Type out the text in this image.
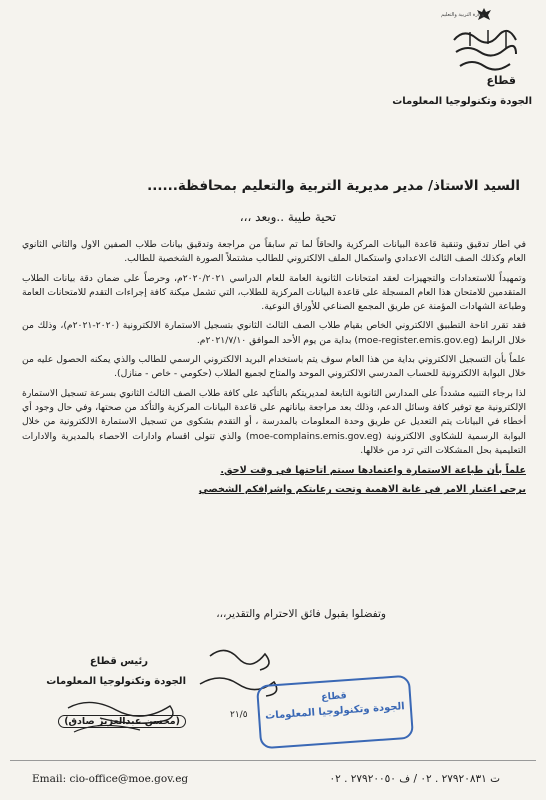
وزارة التربية والتعليم
قطاع
الجودة وتكنولوجيا المعلومات
السيد الاستاذ/ مدير مديرية التربية والتعليم بمحافظة......
تحية طيبة ..وبعد ،،،

في اطار تدقيق وتنقية قاعدة البيانات المركزية والحاقاً لما تم سابقاً من مراجعة وتدقيق بيانات طلاب الصفين الاول والثاني الثانوي العام وكذلك الصف الثالث الاعدادي واستكمال الملف الالكتروني للطالب مشتملاً الصورة الشخصية للطالب.

وتمهيداً للاستعدادات والتجهيزات لعقد امتحانات الثانوية العامة للعام الدراسي ٢٠٢٠/٢٠٢١م، وحرصاً على ضمان دقة بيانات الطلاب المتقدمين للامتحان هذا العام المسجلة على قاعدة البيانات المركزية للطلاب، التي تشمل ميكنة كافة إجراءات التقدم للامتحانات العامة وطباعة الشهادات المؤمنة عن طريق المجمع الصناعي للأوراق النوعية.

فقد تقرر اتاحة التطبيق الالكتروني الخاص بقيام طلاب الصف الثالث الثانوي بتسجيل الاستمارة الالكترونية (٢٠٢٠-٢٠٢١م)، وذلك من خلال الرابط (moe-register.emis.gov.eg) بداية من يوم الأحد الموافق ٢٠٢١/٧/١٠م.

علماً بأن التسجيل الالكتروني بداية من هذا العام سوف يتم باستخدام البريد الالكتروني الرسمي للطالب والذي يمكنه الحصول عليه من خلال البوابة الالكترونية للحساب المدرسي الالكتروني الموحد والمتاح لجميع الطلاب (حكومي - خاص - منازل).

لذا برجاء التنبيه مشدداً على المدارس الثانوية التابعة لمديريتكم بالتأكيد على كافة طلاب الصف الثالث الثانوي بسرعة تسجيل الاستمارة الإلكترونية مع توفير كافة وسائل الدعم، وذلك بعد مراجعة بياناتهم على قاعدة البيانات المركزية والتأكد من صحتها، وفي حال وجود أي أخطاء في البيانات يتم التعديل عن طريق وحدة المعلومات بالمدرسة ، أو التقدم بشكوى من تسجيل الاستمارة الالكترونية من خلال البوابة الرسمية للشكاوى الالكترونية (moe-complains.emis.gov.eg) والذي تتولى اقسام وادارات الاحصاء بالمديرية والادارات التعليمية بحل المشكلات التي ترد من خلالها.

علماً بأن طباعة الاستمارة واعتمادها سيتم اتاحتها في وقت لاحق.

يرجى اعتبار الامر في غاية الاهمية وتحت رعايتكم واشرافكم الشخصي

وتفضلوا بقبول فائق الاحترام والتقدير،،،
رئيس قطاع
الجودة وتكنولوجيا المعلومات
(محسن عبدالعزيز صادق)
قطاع
الجودة وتكنولوجيا المعلومات
٢١/٥
Email: cio-office@moe.gov.eg	ت ٢٧٩٢٠٨٣١ . ٠٢ / ف ٢٧٩٢٠٠٥٠ . ٠٢
